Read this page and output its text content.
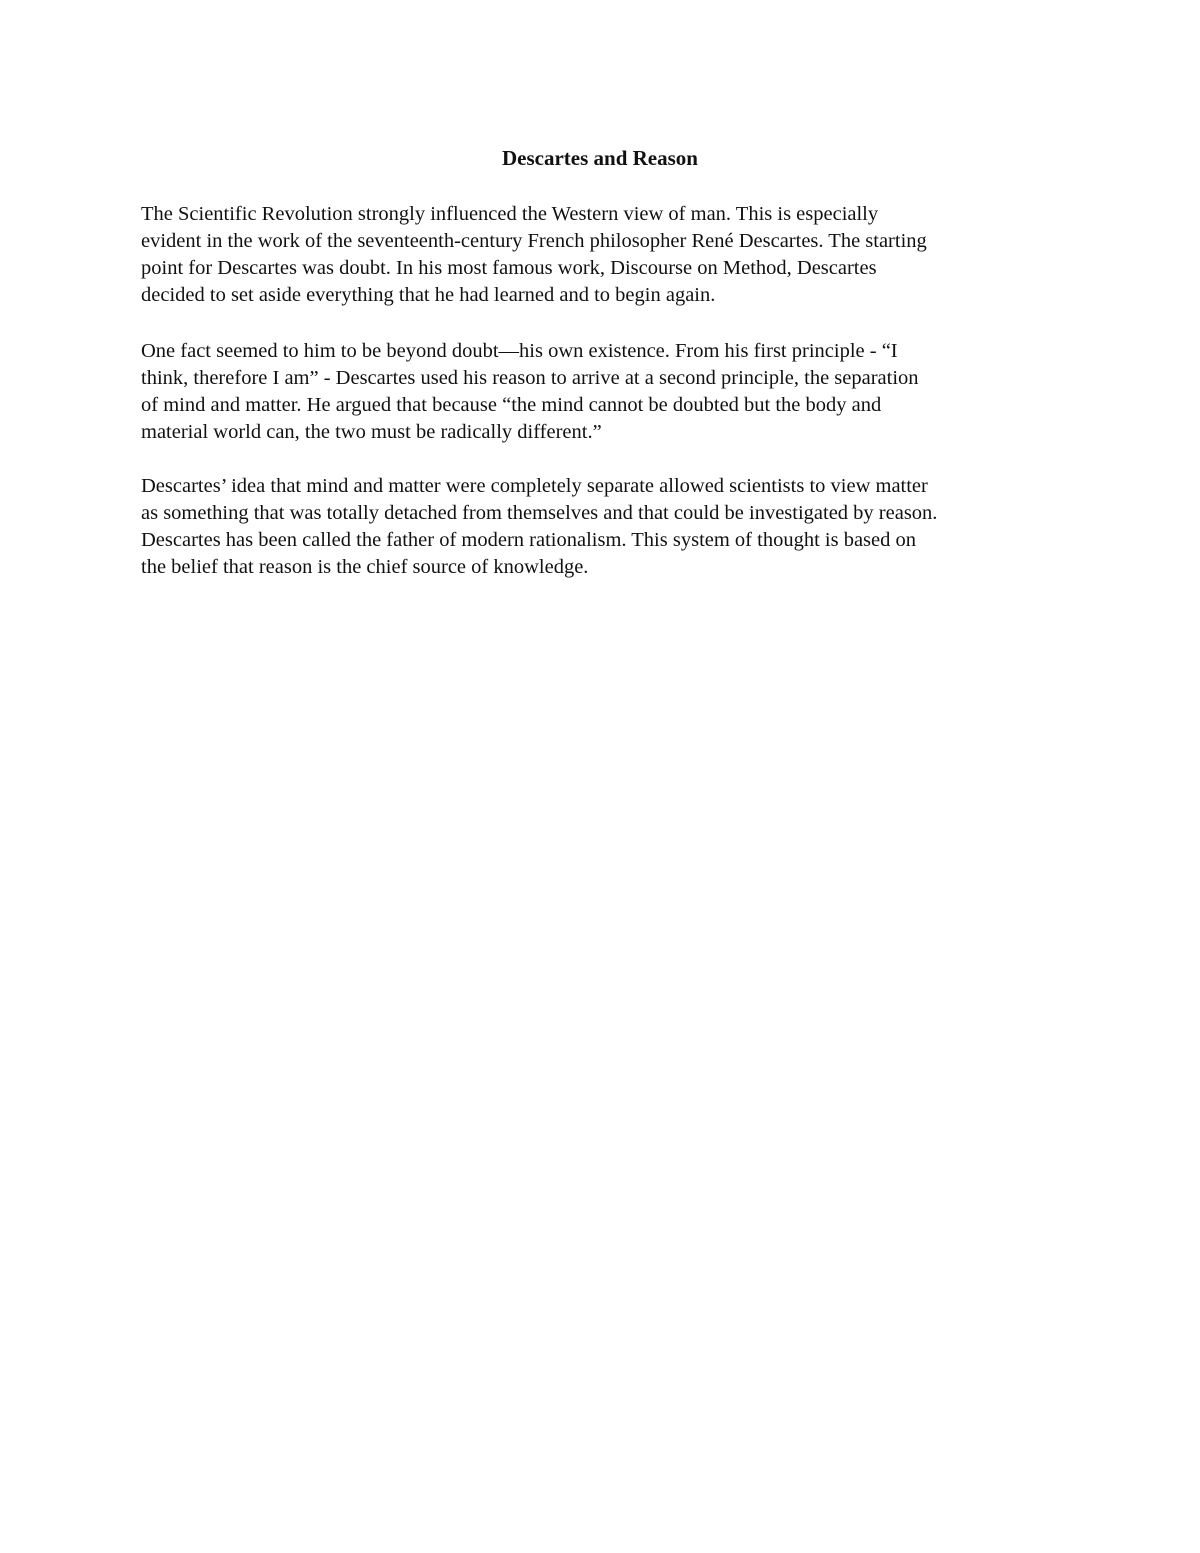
Descartes and Reason

The Scientific Revolution strongly influenced the Western view of man. This is especially
evident in the work of the seventeenth-century French philosopher René Descartes. The starting
point for Descartes was doubt. In his most famous work, Discourse on Method, Descartes
decided to set aside everything that he had learned and to begin again.

One fact seemed to him to be beyond doubt—his own existence. From his first principle - “I
think, therefore I am” - Descartes used his reason to arrive at a second principle, the separation
of mind and matter. He argued that because “the mind cannot be doubted but the body and
material world can, the two must be radically different.”

Descartes’ idea that mind and matter were completely separate allowed scientists to view matter
as something that was totally detached from themselves and that could be investigated by reason.
Descartes has been called the father of modern rationalism. This system of thought is based on
the belief that reason is the chief source of knowledge.
